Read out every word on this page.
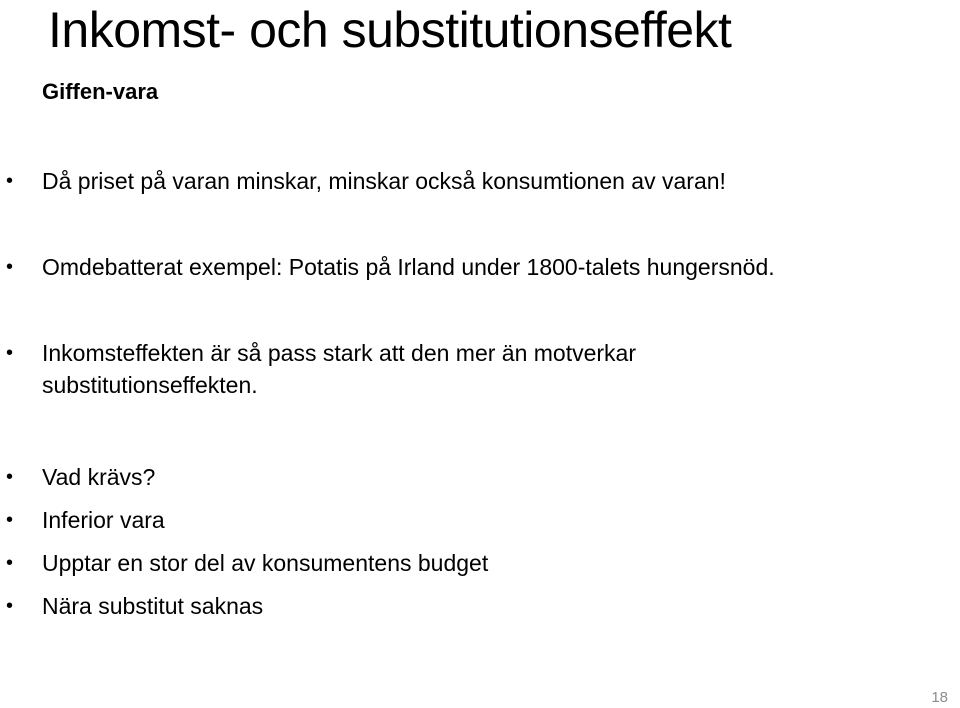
Inkomst- och substitutionseffekt
Giffen-vara
• Då priset på varan minskar, minskar också konsumtionen av varan!
• Omdebatterat exempel: Potatis på Irland under 1800-talets hungersnöd.
• Inkomsteffekten är så pass stark att den mer än motverkar
substitutionseffekten.
• Vad krävs?
• Inferior vara
• Upptar en stor del av konsumentens budget
• Nära substitut saknas
18
